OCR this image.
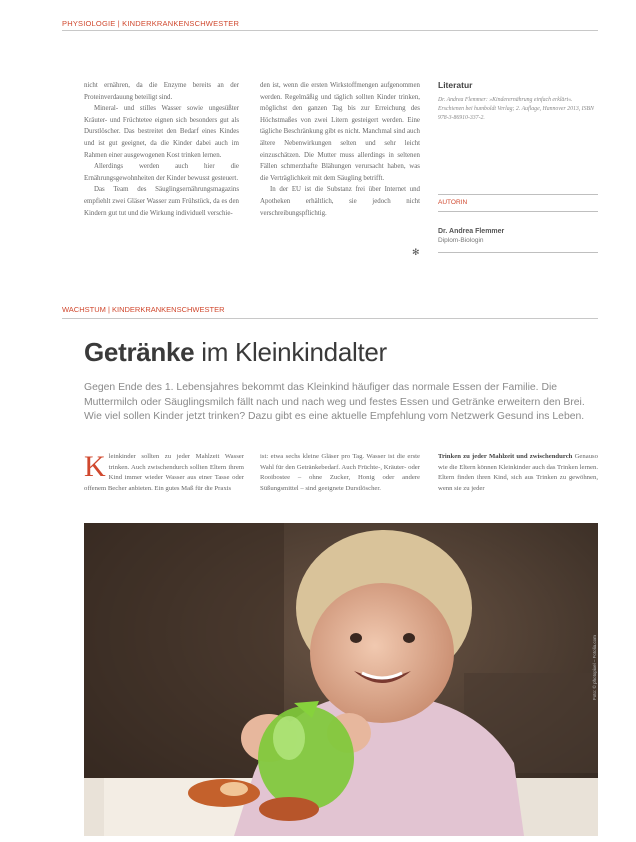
PHYSIOLOGIE | KINDERKRANKENSCHWESTER

nicht ernähren, da die Enzyme bereits an der Proteinverdauung beteiligt sind.

Mineral- und stilles Wasser sowie ungesüßter Kräuter- und Früchtetee eignen sich besonders gut als Durstlöscher. Das bestreitet den Bedarf eines Kindes und ist gut geeignet, da die Kinder dabei auch im Rahmen einer ausgewogenen Kost trinken lernen.

Allerdings werden auch hier die Ernährungsgewohnheiten der Kinder bewusst gesteuert.

Das Team des Säuglingsernährungsmagazins empfiehlt zwei Gläser Wasser zum Frühstück, da es den Kindern gut tut und die Wirkung individuell verschie-

den ist, wenn die ersten Wirkstoffmengen aufgenommen werden. Regelmäßig und täglich sollten Kinder trinken, möglichst den ganzen Tag bis zur Erreichung des Höchstmaßes von zwei Litern gesteigert werden. Eine tägliche Beschränkung gibt es nicht. Manchmal sind auch ältere Nebenwirkungen selten und sehr leicht einzuschätzen. Die Mutter muss allerdings in seltenen Fällen schmerzhafte Blähungen verursacht haben, was die Verträglichkeit mit dem Säugling betrifft.

In der EU ist die Substanz frei über Internet und Apotheken erhältlich, sie jedoch nicht verschreibungspflichtig.

✻
Literatur
Dr. Andrea Flemmer: »Kinderernährung einfach erklärt«. Erschienen bei humboldt Verlag; 2. Auflage, Hannover 2013, ISBN 978-3-86910-337-2.
AUTORIN
Dr. Andrea Flemmer
Diplom-Biologin
WACHSTUM | KINDERKRANKENSCHWESTER
Getränke im Kleinkindalter
Gegen Ende des 1. Lebensjahres bekommt das Kleinkind häufiger das normale Essen der Familie. Die Muttermilch oder Säuglingsmilch fällt nach und nach weg und festes Essen und Getränke erweitern den Brei. Wie viel sollen Kinder jetzt trinken? Dazu gibt es eine aktuelle Empfehlung vom Netzwerk Gesund ins Leben.
Kleinkinder sollten zu jeder Mahlzeit Wasser trinken. Auch zwischendurch sollten Eltern ihrem Kind immer wieder Wasser aus einer Tasse oder offenem Becher anbieten. Ein gutes Maß für die Praxis
ist: etwa sechs kleine Gläser pro Tag. Wasser ist die erste Wahl für den Getränkebedarf. Auch Früchte-, Kräuter- oder Rooibostee – ohne Zucker, Honig oder andere Süßungsmittel – sind geeignete Durstlöscher.
Trinken zu jeder Mahlzeit und zwischendurch Genauso wie die Eltern können Kleinkinder auch das Trinken lernen. Eltern finden ihren Kind, sich aus Trinken zu gewöhnen, wenn sie zu jeder
Foto: © photopixel – Fotolia.com
